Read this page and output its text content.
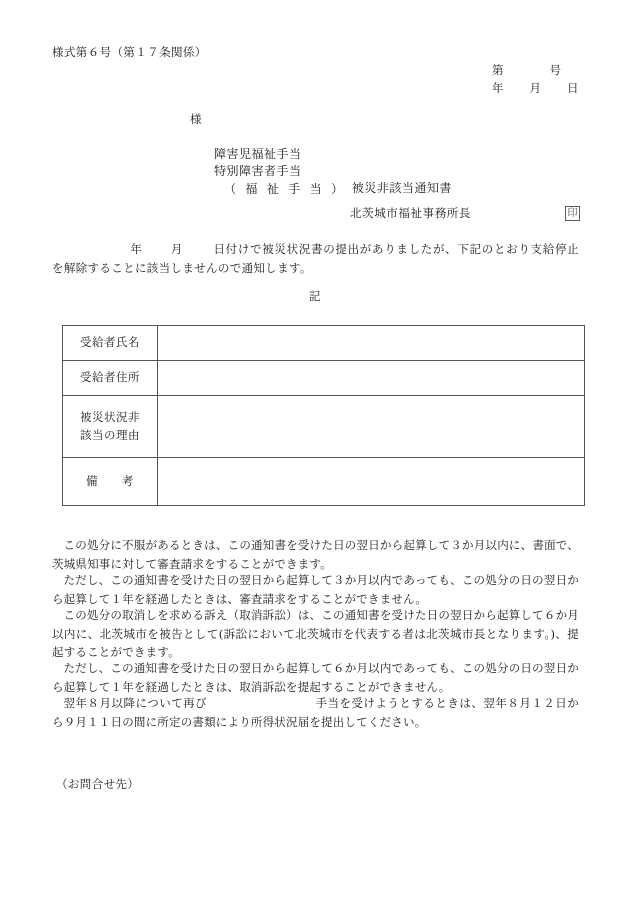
様式第６号（第１７条関係）
第	号
年 月 日
様
障害児福祉手当
特別障害者手当
（ 福 祉 手 当 ） 被災非該当通知書
北茨城市福祉事務所長	印
年 月	日付けで被災状況書の提出がありましたが、下記のとおり支給停止を解除することに該当しませんので通知します。
記
受給者氏名	
受給者住所	

被災状況非
該当の理由	

備　　考	
この処分に不服があるときは、この通知書を受けた日の翌日から起算して３か月以内に、書面で、茨城県知事に対して審査請求をすることができます。
ただし、この通知書を受けた日の翌日から起算して３か月以内であっても、この処分の日の翌日から起算して１年を経過したときは、審査請求をすることができません。
この処分の取消しを求める訴え（取消訴訟）は、この通知書を受けた日の翌日から起算して６か月以内に、北茨城市を被告として(訴訟において北茨城市を代表する者は北茨城市長となります。)、提起することができます。
ただし、この通知書を受けた日の翌日から起算して６か月以内であっても、この処分の日の翌日から起算して１年を経過したときは、取消訴訟を提起することができません。
翌年８月以降について再び	手当を受けようとするときは、翌年８月１２日から９月１１日の間に所定の書類により所得状況届を提出してください。
（お問合せ先）
